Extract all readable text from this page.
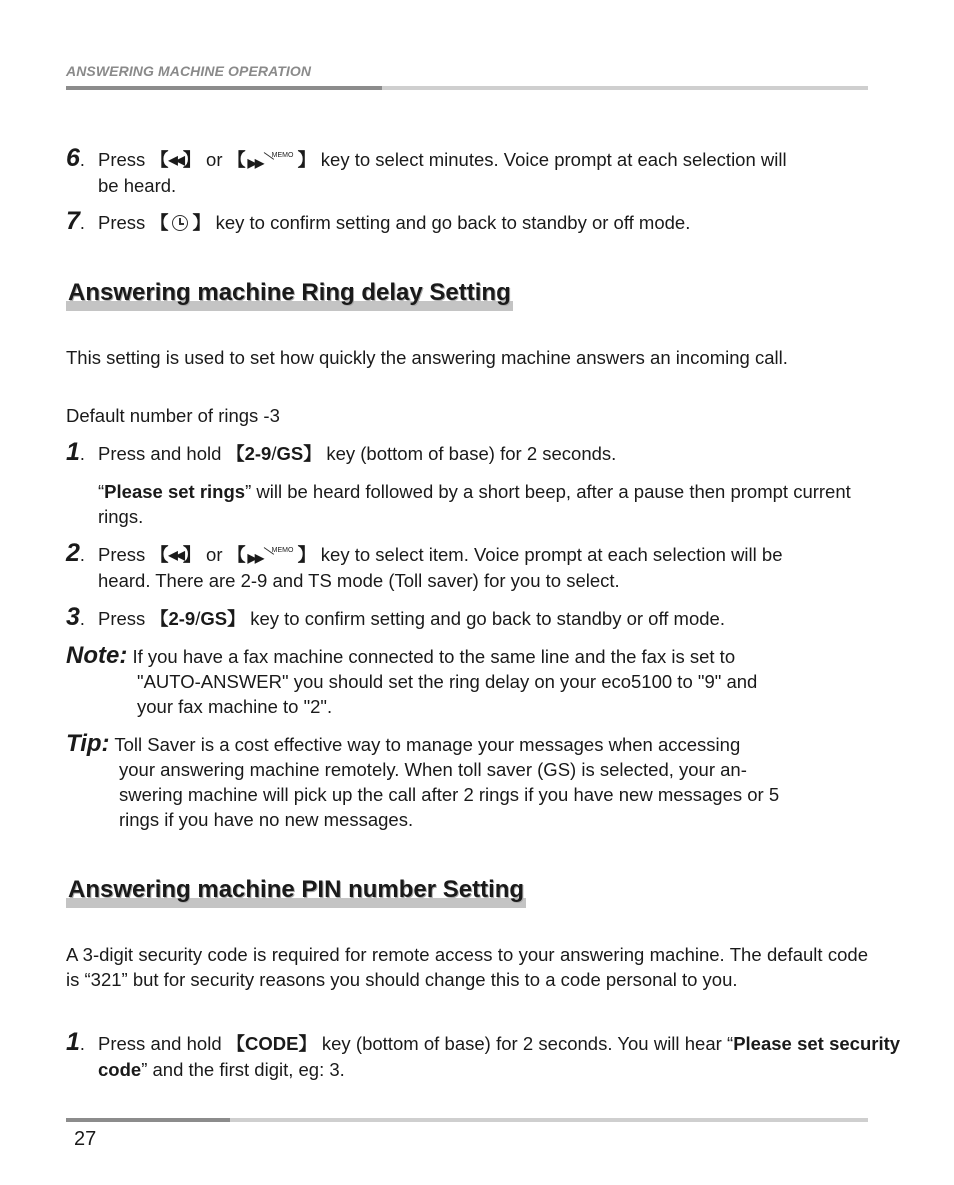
ANSWERING MACHINE OPERATION
6. Press 【◀◀】 or 【 ▶▶
MEMO 】 key to select minutes. Voice prompt at each selection will
be heard.
7. Press 【 】 key to confirm setting and go back to standby or off mode.
Answering machine Ring delay Setting
This setting is used to set how quickly the answering machine answers an incoming call.
Default number of rings -3
1. Press and hold 【2-9/GS】 key (bottom of base) for 2 seconds.
“Please set rings” will be heard followed by a short beep, after a pause then prompt current rings.
2. Press 【◀◀】 or 【 ▶▶
MEMO 】 key to select item. Voice prompt at each selection will be
heard. There are 2-9 and TS mode (Toll saver) for you to select.
3. Press 【2-9/GS】 key to confirm setting and go back to standby or off mode.
Note: If you have a fax machine connected to the same line and the fax is set to
"AUTO-ANSWER" you should set the ring delay on your eco5100 to "9" and
your fax machine to "2".
Tip: Toll Saver is a cost effective way to manage your messages when accessing
your answering machine remotely. When toll saver (GS) is selected, your an-
swering machine will pick up the call after 2 rings if you have new messages or 5
rings if you have no new messages.
Answering machine PIN number Setting
A 3-digit security code is required for remote access to your answering machine. The default code is “321” but for security reasons you should change this to a code personal to you.
1. Press and hold 【CODE】 key (bottom of base) for 2 seconds. You will hear “Please set security code” and the first digit, eg: 3.
27
